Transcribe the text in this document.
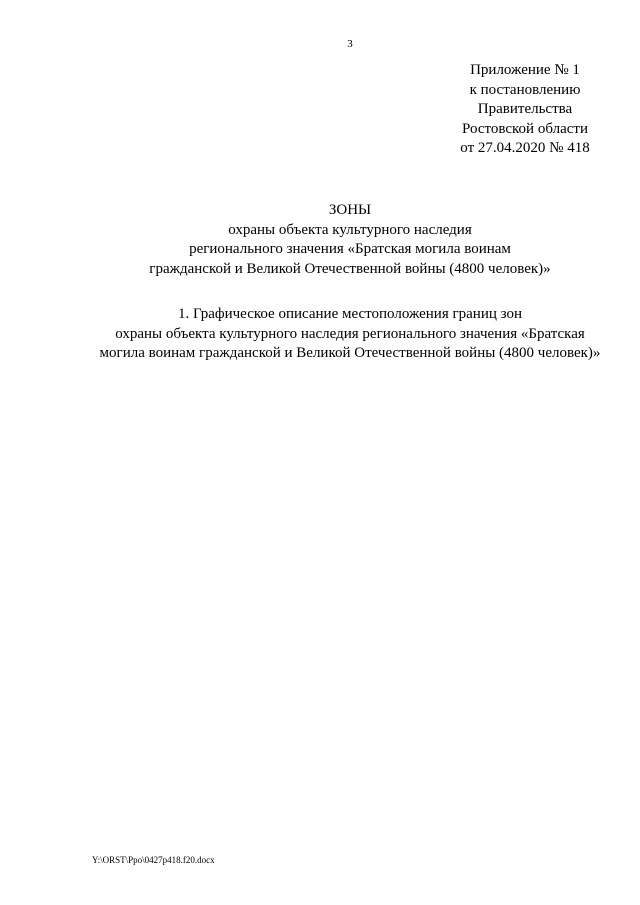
3
Приложение № 1
к постановлению
Правительства
Ростовской области
от 27.04.2020 № 418
ЗОНЫ
охраны объекта культурного наследия
регионального значения «Братская могила воинам
гражданской и Великой Отечественной войны (4800 человек)»
1. Графическое описание местоположения границ зон
охраны объекта культурного наследия регионального значения «Братская
могила воинам гражданской и Великой Отечественной войны (4800 человек)»
Y:\ORST\Ppo\0427p418.f20.docx
